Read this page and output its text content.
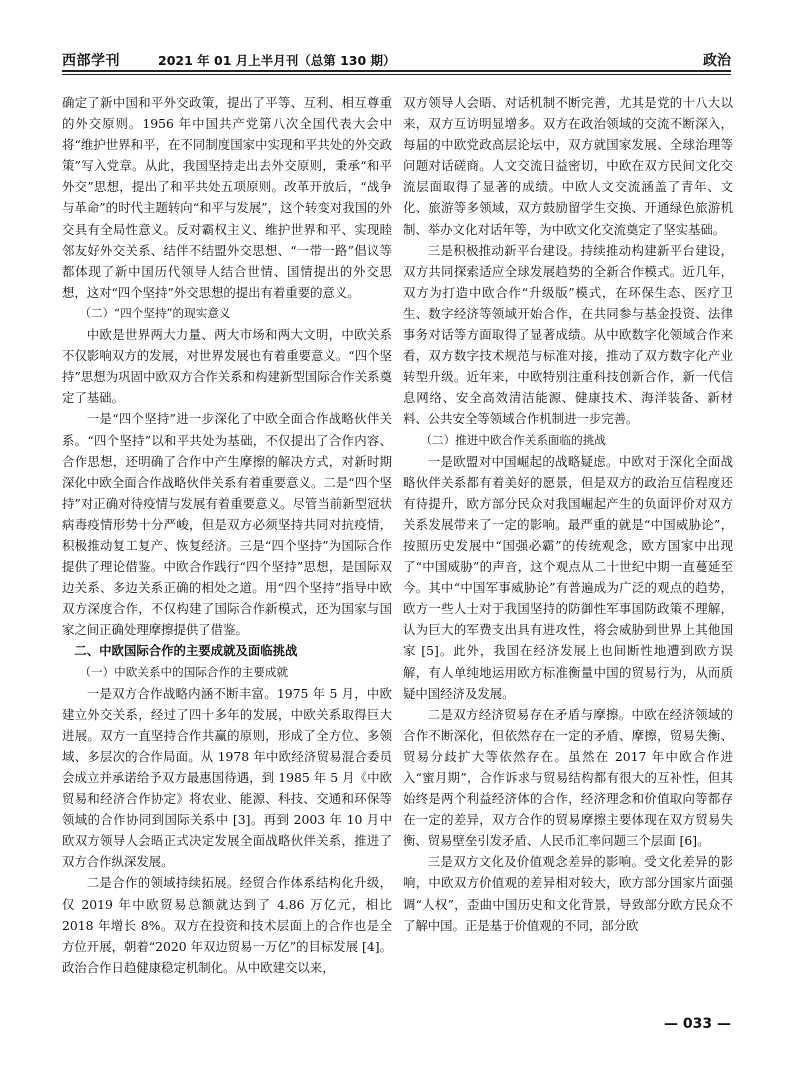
西部学刊	2021 年 01 月上半月刊（总第 130 期）	政治

确定了新中国和平外交政策，提出了平等、互利、相互尊重的外交原则。1956 年中国共产党第八次全国代表大会中将“维护世界和平，在不同制度国家中实现和平共处的外交政策”写入党章。从此，我国坚持走出去外交原则，秉承“和平外交”思想，提出了和平共处五项原则。改革开放后，“战争与革命”的时代主题转向“和平与发展”，这个转变对我国的外交具有全局性意义。反对霸权主义、维护世界和平、实现睦邻友好外交关系、结伴不结盟外交思想、“一带一路”倡议等都体现了新中国历代领导人结合世情、国情提出的外交思想，这对“四个坚持”外交思想的提出有着重要的意义。

（二）“四个坚持”的现实意义

中欧是世界两大力量、两大市场和两大文明，中欧关系不仅影响双方的发展，对世界发展也有着重要意义。“四个坚持”思想为巩固中欧双方合作关系和构建新型国际合作关系奠定了基础。

一是“四个坚持”进一步深化了中欧全面合作战略伙伴关系。“四个坚持”以和平共处为基础，不仅提出了合作内容、合作思想，还明确了合作中产生摩擦的解决方式，对新时期深化中欧全面合作战略伙伴关系有着重要意义。二是“四个坚持”对正确对待疫情与发展有着重要意义。尽管当前新型冠状病毒疫情形势十分严峻，但是双方必须坚持共同对抗疫情，积极推动复工复产、恢复经济。三是“四个坚持”为国际合作提供了理论借鉴。中欧合作践行“四个坚持”思想，是国际双边关系、多边关系正确的相处之道。用“四个坚持”指导中欧双方深度合作，不仅构建了国际合作新模式，还为国家与国家之间正确处理摩擦提供了借鉴。

二、中欧国际合作的主要成就及面临挑战

（一）中欧关系中的国际合作的主要成就

一是双方合作战略内涵不断丰富。1975 年 5 月，中欧建立外交关系，经过了四十多年的发展，中欧关系取得巨大进展。双方一直坚持合作共赢的原则，形成了全方位、多领域、多层次的合作局面。从 1978 年中欧经济贸易混合委员会成立并承诺给予双方最惠国待遇，到 1985 年 5 月《中欧贸易和经济合作协定》将农业、能源、科技、交通和环保等领域的合作协同到国际关系中 [3]。再到 2003 年 10 月中欧双方领导人会晤正式决定发展全面战略伙伴关系，推进了双方合作纵深发展。

二是合作的领域持续拓展。经贸合作体系结构化升级，仅 2019 年中欧贸易总额就达到了 4.86 万亿元，相比 2018 年增长 8%。双方在投资和技术层面上的合作也是全方位开展，朝着“2020 年双边贸易一万亿”的目标发展 [4]。政治合作日趋健康稳定机制化。从中欧建交以来，

双方领导人会晤、对话机制不断完善，尤其是党的十八大以来，双方互访明显增多。双方在政治领域的交流不断深入，每届的中欧党政高层论坛中，双方就国家发展、全球治理等问题对话磋商。人文交流日益密切，中欧在双方民间文化交流层面取得了显著的成绩。中欧人文交流涵盖了青年、文化、旅游等多领域，双方鼓励留学生交换、开通绿色旅游机制、举办文化对话年等，为中欧文化交流奠定了坚实基础。

三是积极推动新平台建设。持续推动构建新平台建设，双方共同探索适应全球发展趋势的全新合作模式。近几年，双方为打造中欧合作“升级版”模式，在环保生态、医疗卫生、数字经济等领域开始合作，在共同参与基金投资、法律事务对话等方面取得了显著成绩。从中欧数字化领域合作来看，双方数字技术规范与标准对接，推动了双方数字化产业转型升级。近年来，中欧特别注重科技创新合作，新一代信息网络、安全高效清洁能源、健康技术、海洋装备、新材料、公共安全等领域合作机制进一步完善。

（二）推进中欧合作关系面临的挑战

一是欧盟对中国崛起的战略疑虑。中欧对于深化全面战略伙伴关系都有着美好的愿景，但是双方的政治互信程度还有待提升，欧方部分民众对我国崛起产生的负面评价对双方关系发展带来了一定的影响。最严重的就是“中国威胁论”，按照历史发展中“国强必霸”的传统观念，欧方国家中出现了“中国威胁”的声音，这个观点从二十世纪中期一直蔓延至今。其中“中国军事威胁论”有普遍成为广泛的观点的趋势，欧方一些人士对于我国坚持的防御性军事国防政策不理解，认为巨大的军费支出具有进攻性，将会威胁到世界上其他国家 [5]。此外，我国在经济发展上也间断性地遭到欧方误解，有人单纯地运用欧方标准衡量中国的贸易行为，从而质疑中国经济及发展。

二是双方经济贸易存在矛盾与摩擦。中欧在经济领域的合作不断深化，但依然存在一定的矛盾、摩擦，贸易失衡、贸易分歧扩大等依然存在。虽然在 2017 年中欧合作进入“蜜月期”，合作诉求与贸易结构都有很大的互补性，但其始终是两个利益经济体的合作，经济理念和价值取向等都存在一定的差异，双方合作的贸易摩擦主要体现在双方贸易失衡、贸易壁垒引发矛盾、人民币汇率问题三个层面 [6]。

三是双方文化及价值观念差异的影响。受文化差异的影响，中欧双方价值观的差异相对较大，欧方部分国家片面强调“人权”，歪曲中国历史和文化背景，导致部分欧方民众不了解中国。正是基于价值观的不同，部分欧

— 033 —
